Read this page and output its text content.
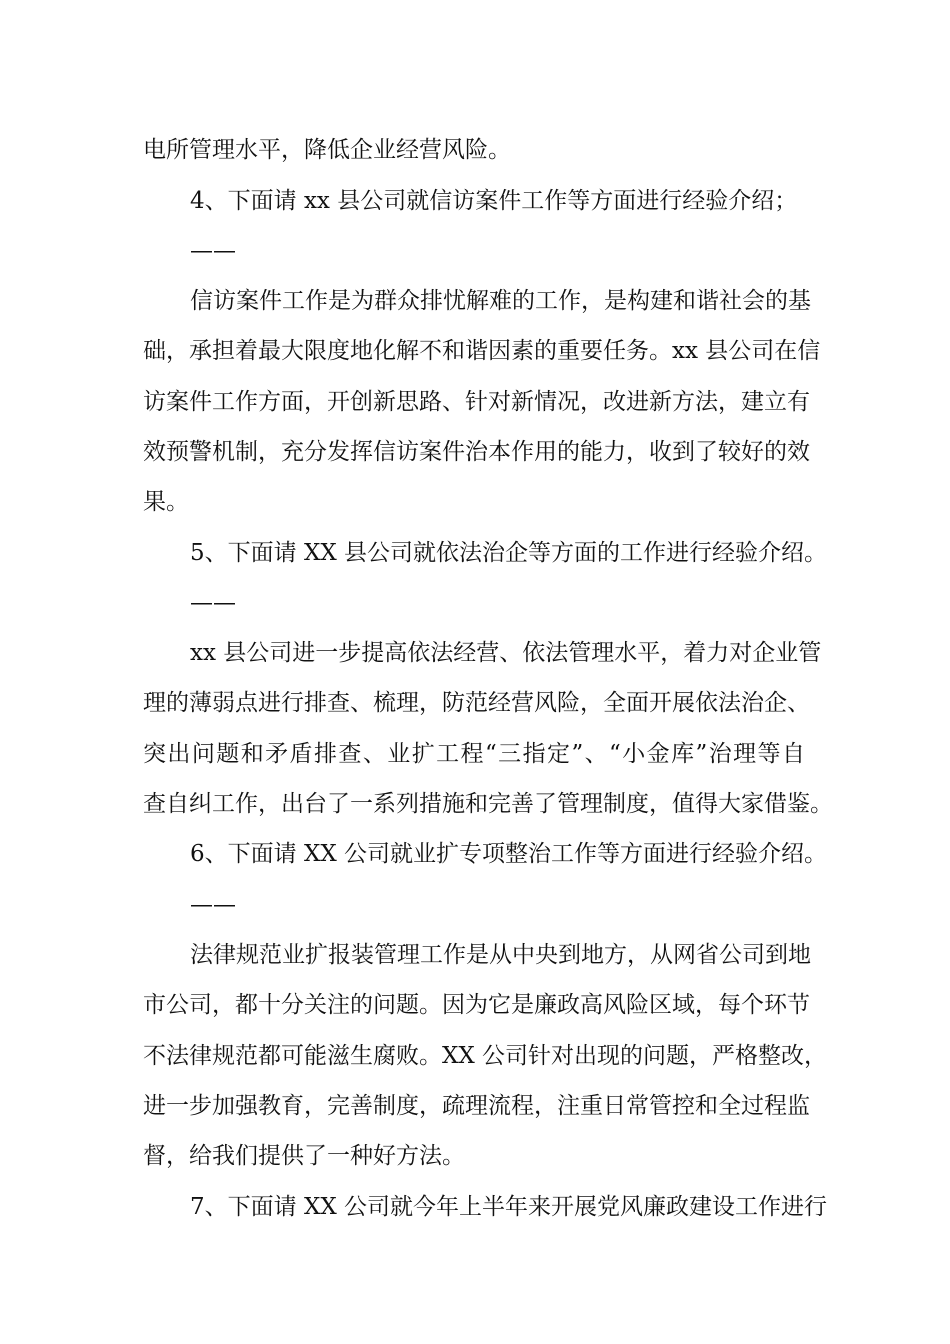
电所管理水平，降低企业经营风险。
4、下面请 xx 县公司就信访案件工作等方面进行经验介绍；
——
信访案件工作是为群众排忧解难的工作，是构建和谐社会的基
础，承担着最大限度地化解不和谐因素的重要任务。xx 县公司在信
访案件工作方面，开创新思路、针对新情况，改进新方法，建立有
效预警机制，充分发挥信访案件治本作用的能力，收到了较好的效
果。
5、下面请 XX 县公司就依法治企等方面的工作进行经验介绍。
——
xx 县公司进一步提高依法经营、依法管理水平，着力对企业管
理的薄弱点进行排查、梳理，防范经营风险，全面开展依法治企、
突出问题和矛盾排查、业扩工程“三指定”、“小金库”治理等自
查自纠工作，出台了一系列措施和完善了管理制度，值得大家借鉴。
6、下面请 XX 公司就业扩专项整治工作等方面进行经验介绍。
——
法律规范业扩报装管理工作是从中央到地方，从网省公司到地
市公司，都十分关注的问题。因为它是廉政高风险区域，每个环节
不法律规范都可能滋生腐败。XX 公司针对出现的问题，严格整改，
进一步加强教育，完善制度，疏理流程，注重日常管控和全过程监
督，给我们提供了一种好方法。
7、下面请 XX 公司就今年上半年来开展党风廉政建设工作进行
